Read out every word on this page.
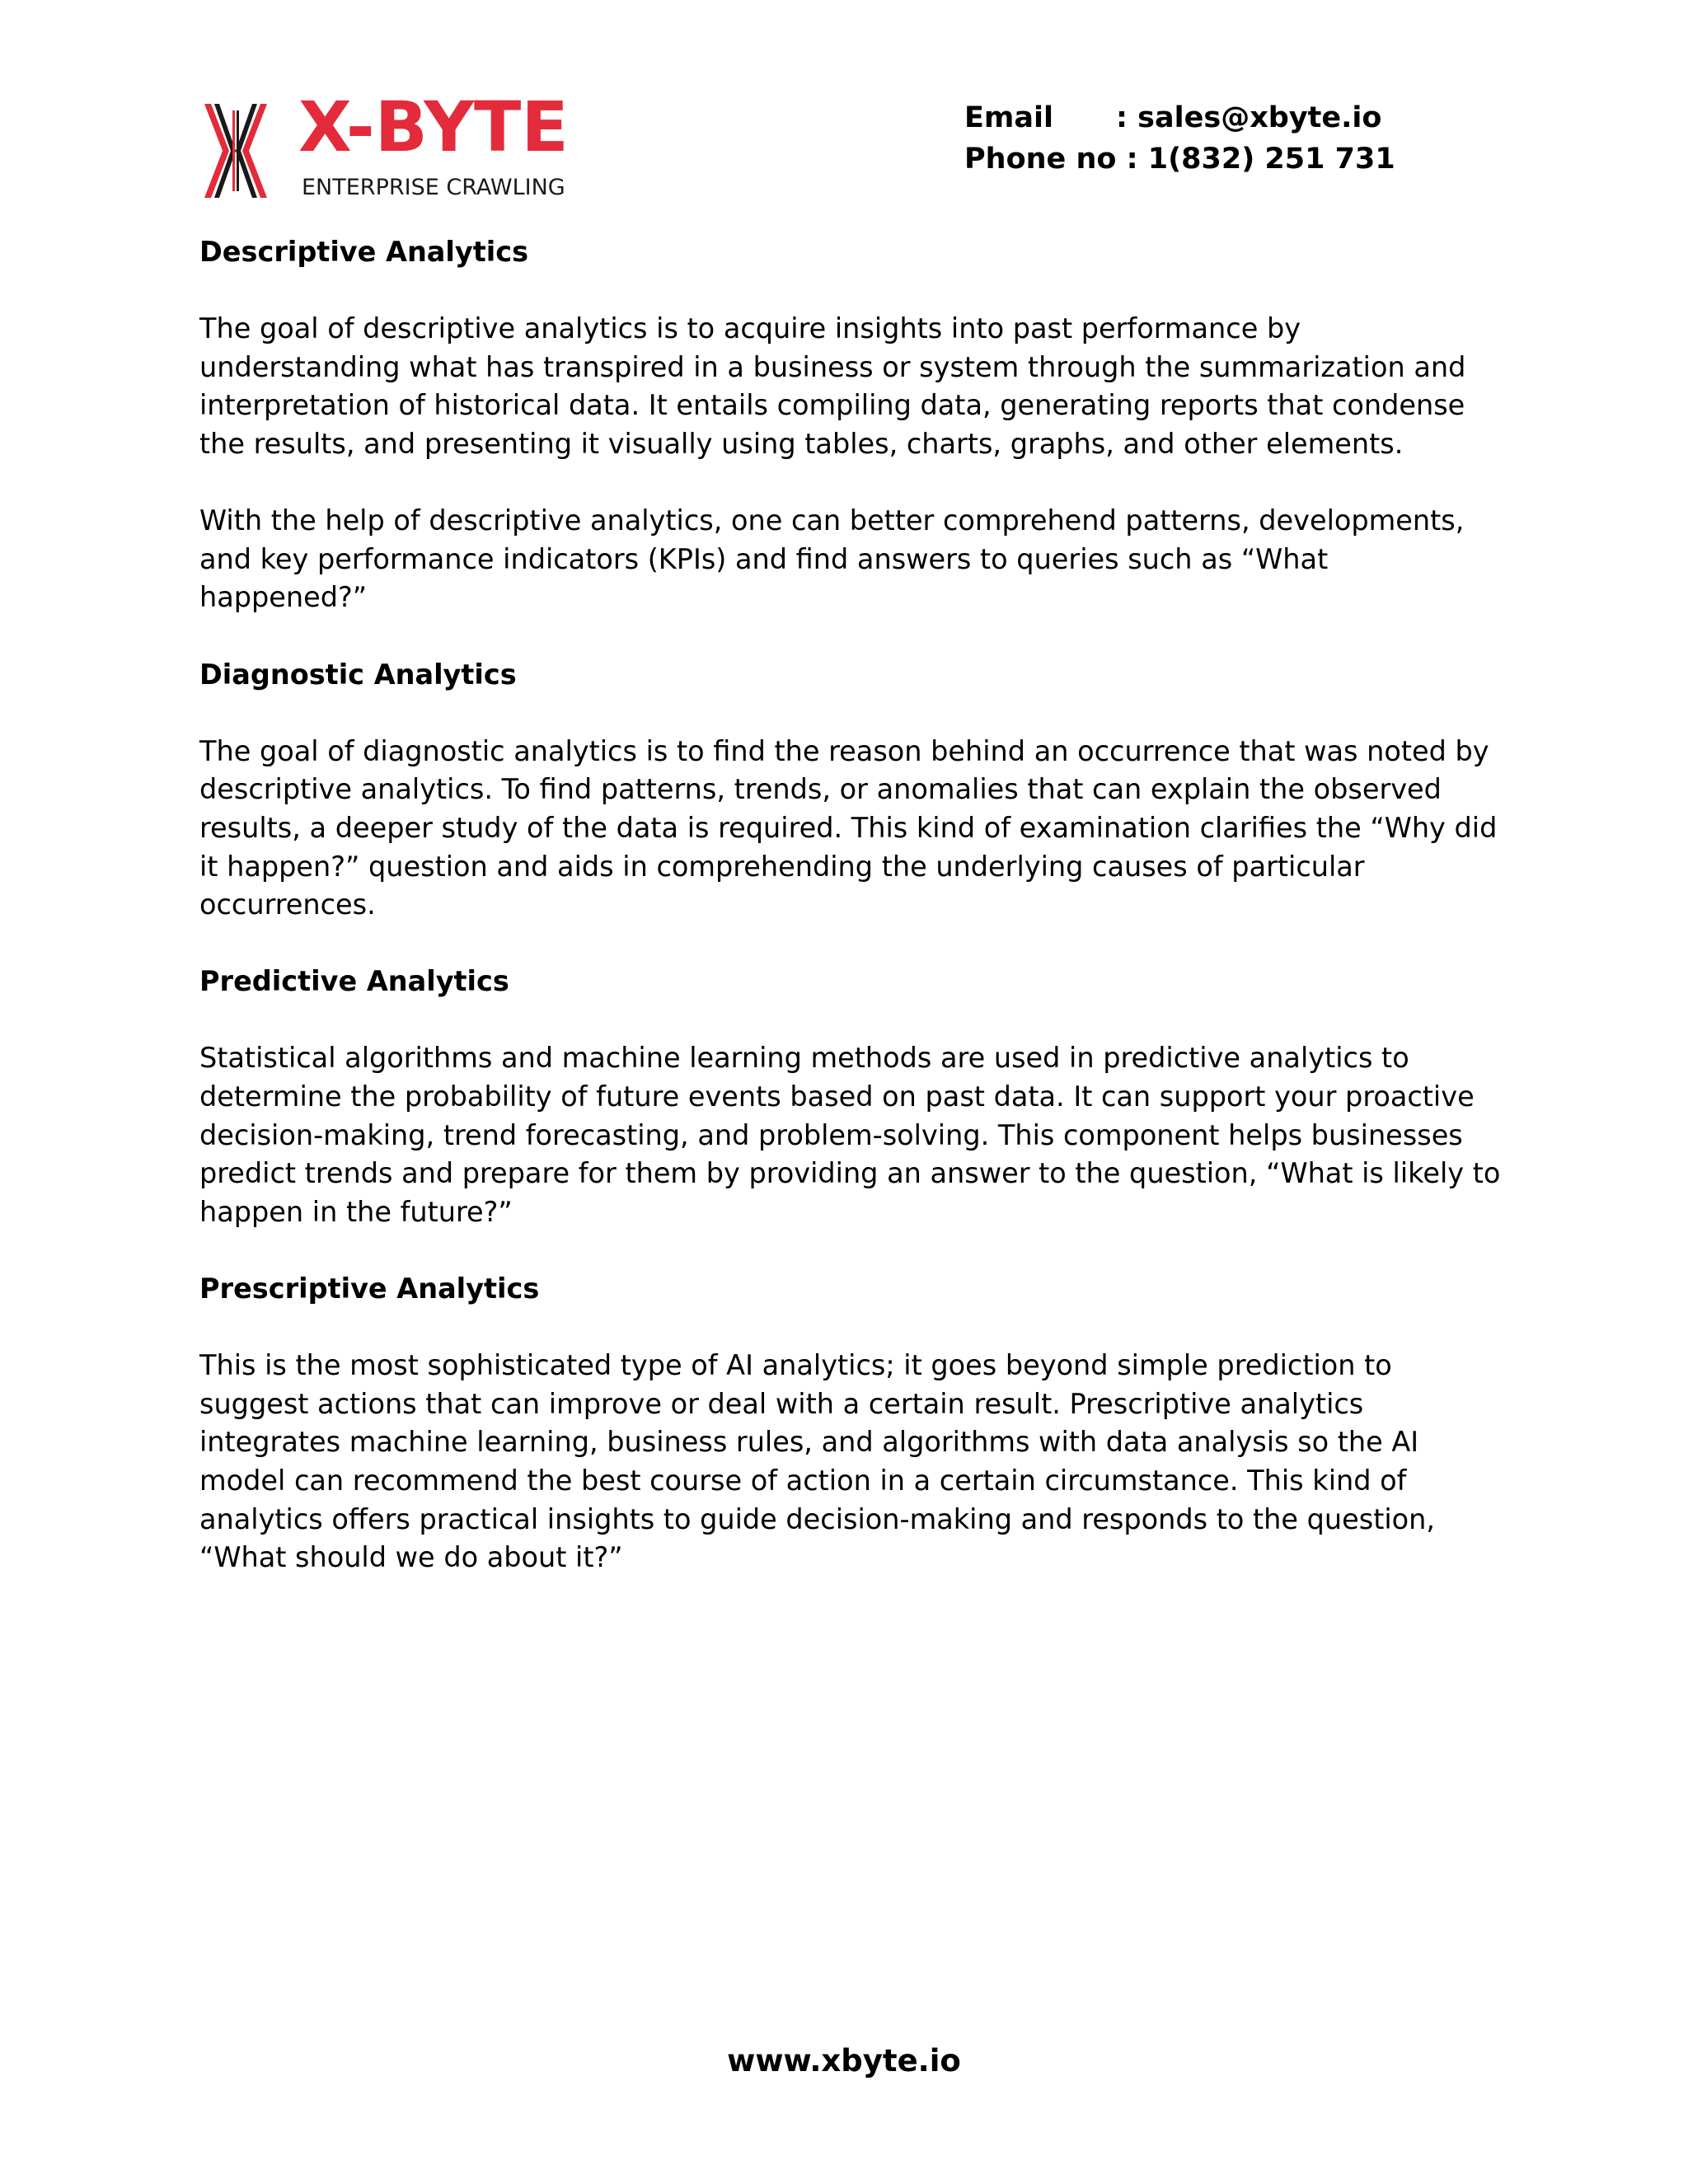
X-BYTE
ENTERPRISE CRAWLING
Email : sales@xbyte.io
Phone no : 1(832) 251 731
Descriptive Analytics

The goal of descriptive analytics is to acquire insights into past performance by understanding what has transpired in a business or system through the summarization and interpretation of historical data. It entails compiling data, generating reports that condense the results, and presenting it visually using tables, charts, graphs, and other elements.

With the help of descriptive analytics, one can better comprehend patterns, developments, and key performance indicators (KPIs) and find answers to queries such as “What happened?”

Diagnostic Analytics

The goal of diagnostic analytics is to find the reason behind an occurrence that was noted by descriptive analytics. To find patterns, trends, or anomalies that can explain the observed results, a deeper study of the data is required. This kind of examination clarifies the “Why did it happen?” question and aids in comprehending the underlying causes of particular occurrences.

Predictive Analytics

Statistical algorithms and machine learning methods are used in predictive analytics to determine the probability of future events based on past data. It can support your proactive decision-making, trend forecasting, and problem-solving. This component helps businesses predict trends and prepare for them by providing an answer to the question, “What is likely to happen in the future?”

Prescriptive Analytics

This is the most sophisticated type of AI analytics; it goes beyond simple prediction to suggest actions that can improve or deal with a certain result. Prescriptive analytics integrates machine learning, business rules, and algorithms with data analysis so the AI model can recommend the best course of action in a certain circumstance. This kind of analytics offers practical insights to guide decision-making and responds to the question, “What should we do about it?”

www.xbyte.io
